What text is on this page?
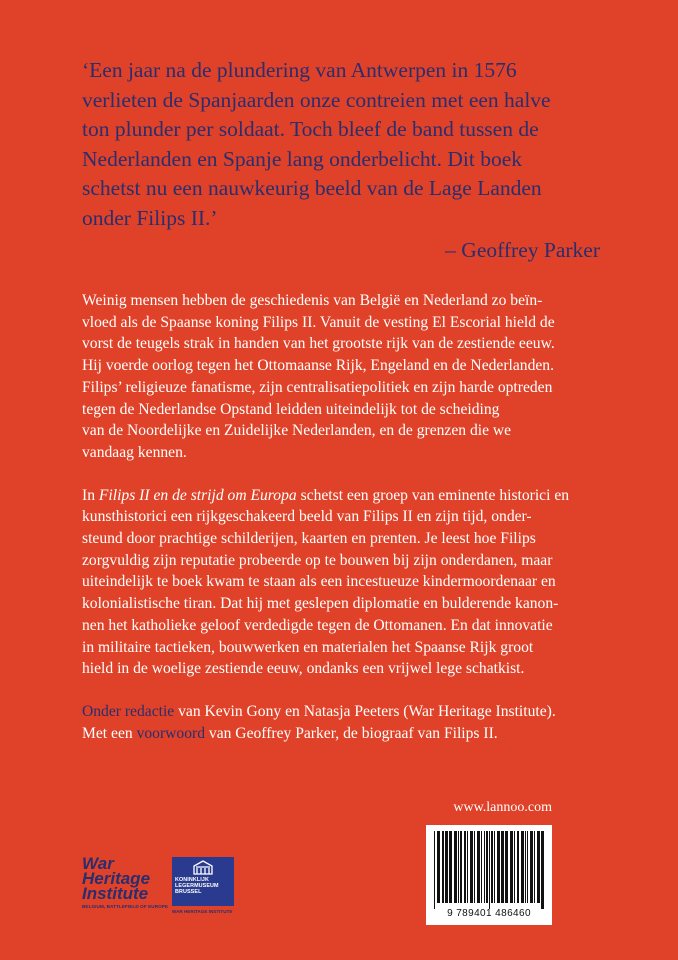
‘Een jaar na de plundering van Antwerpen in 1576

verlieten de Spanjaarden onze contreien met een halve

ton plunder per soldaat. Toch bleef de band tussen de

Nederlanden en Spanje lang onderbelicht. Dit boek

schetst nu een nauwkeurig beeld van de Lage Landen

onder Filips II.’

– Geoffrey Parker

Weinig mensen hebben de geschiedenis van België en Nederland zo beïn-
vloed als de Spaanse koning Filips II. Vanuit de vesting El Escorial hield de
vorst de teugels strak in handen van het grootste rijk van de zestiende eeuw.
Hij voerde oorlog tegen het Ottomaanse Rijk, Engeland en de Nederlanden.
Filips’ religieuze fanatisme, zijn centralisatiepolitiek en zijn harde optreden
tegen de Nederlandse Opstand leidden uiteindelijk tot de scheiding
van de Noordelijke en Zuidelijke Nederlanden, en de grenzen die we
vandaag kennen.

In Filips II en de strijd om Europa schetst een groep van eminente historici en
kunsthistorici een rijkgeschakeerd beeld van Filips II en zijn tijd, onder-
steund door prachtige schilderijen, kaarten en prenten. Je leest hoe Filips
zorgvuldig zijn reputatie probeerde op te bouwen bij zijn onderdanen, maar
uiteindelijk te boek kwam te staan als een incestueuze kindermoordenaar en
kolonialistische tiran. Dat hij met geslepen diplomatie en bulderende kanon-
nen het katholieke geloof verdedigde tegen de Ottomanen. En dat innovatie
in militaire tactieken, bouwwerken en materialen het Spaanse Rijk groot
hield in de woelige zestiende eeuw, ondanks een vrijwel lege schatkist.

Onder redactie van Kevin Gony en Natasja Peeters (War Heritage Institute).
Met een voorwoord van Geoffrey Parker, de biograaf van Filips II.

www.lannoo.com
9 789401 486460
War
Heritage
Institute
BELGIUM, BATTLEFIELD OF EUROPE
KONINKLIJK
LEGERMUSEUM
BRUSSEL
WAR HERITAGE INSTITUTE
